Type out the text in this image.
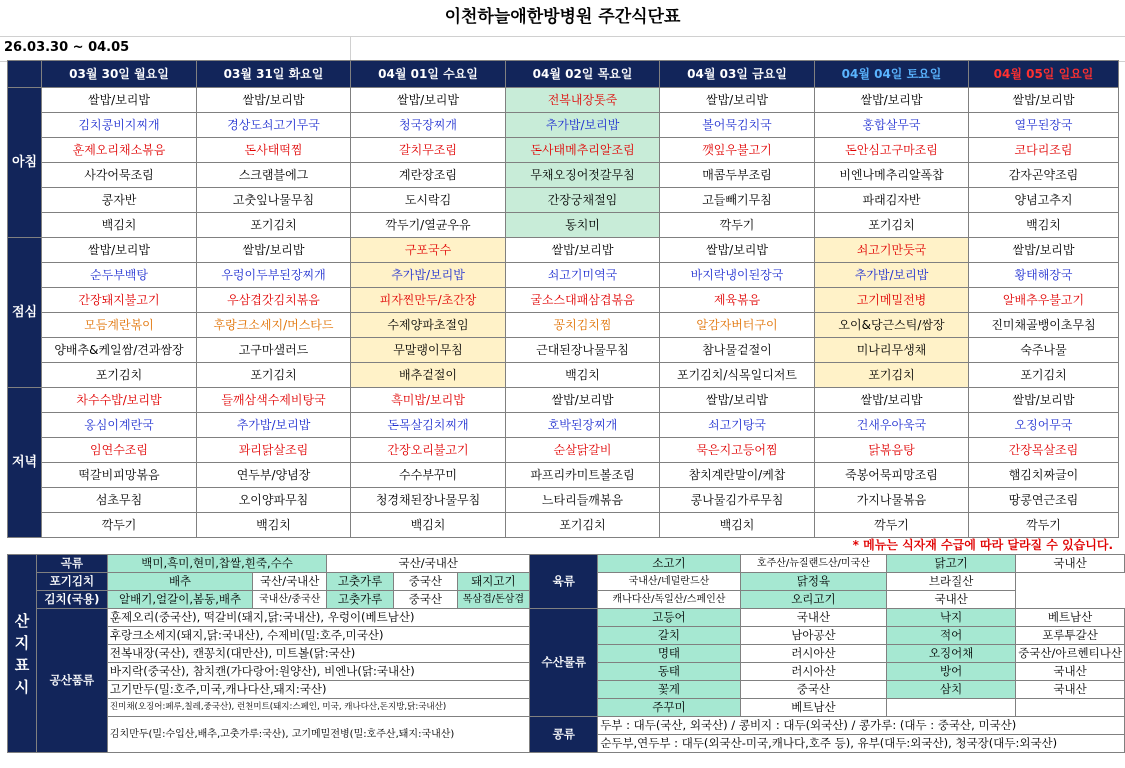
이천하늘애한방병원 주간식단표
26.03.30 ~ 04.05
	03월 30일 월요일	03월 31일 화요일	04월 01일 수요일	04월 02일 목요일	04월 03일 금요일	04월 04일 토요일	04월 05일 일요일
아침	쌀밥/보리밥	쌀밥/보리밥	쌀밥/보리밥	전복내장톳죽	쌀밥/보리밥	쌀밥/보리밥	쌀밥/보리밥
	김치콩비지찌개	경상도쇠고기무국	청국장찌개	추가밥/보리밥	볼어묵김치국	홍합살무국	열무된장국
	훈제오리채소볶음	돈사태떡찜	갈치무조림	돈사태메추리알조림	깻잎우불고기	돈안심고구마조림	코다리조림
	사각어묵조림	스크램블에그	계란장조림	무채오징어젓갈무침	매콤두부조림	비엔나메추리알폭찹	감자곤약조림
	콩자반	고춧잎나물무침	도시락김	간장궁채절임	고들빼기무침	파래김자반	양념고추지
	백김치	포기김치	깍두기/열균우유	동치미	깍두기	포기김치	백김치
점심	쌀밥/보리밥	쌀밥/보리밥	구포국수	쌀밥/보리밥	쌀밥/보리밥	쇠고기만둣국	쌀밥/보리밥
	순두부백탕	우렁이두부된장찌개	추가밥/보리밥	쇠고기미역국	바지락냉이된장국	추가밥/보리밥	황태해장국
	간장돼지불고기	우삼겹갓김치볶음	피자찐만두/초간장	굴소스대패삼겹볶음	제육볶음	고기메밀전병	알배추우불고기
	모듬계란볶이	후랑크소세지/머스타드	수제양파초절임	꽁치김치찜	알감자버터구이	오이&당근스틱/쌈장	진미채골뱅이초무침
	양배추&케일쌈/견과쌈장	고구마샐러드	무말랭이무침	근대된장나물무침	참나물겉절이	미나리무생채	숙주나물
	포기김치	포기김치	배추겉절이	백김치	포기김치/식목일디저트	포기김치	포기김치
저녁	차수수밥/보리밥	들깨삼색수제비탕국	흑미밥/보리밥	쌀밥/보리밥	쌀밥/보리밥	쌀밥/보리밥	쌀밥/보리밥
	옹심이계란국	추가밥/보리밥	돈목살김치찌개	호박된장찌개	쇠고기탕국	건새우아욱국	오징어무국
	임연수조림	꽈리닭살조림	간장오리불고기	순살닭갈비	묵은지고등어찜	닭볶음탕	간장목살조림
	떡갈비피망볶음	연두부/양념장	수수부꾸미	파프리카미트볼조림	참치계란말이/케찹	죽봉어묵피망조림	햄김치짜글이
	섬초무침	오이양파무침	청경채된장나물무침	느타리들깨볶음	콩나물김가루무침	가지나물볶음	땅콩연근조림
	깍두기	백김치	백김치	포기김치	백김치	깍두기	깍두기
* 메뉴는 식자재 수급에 따라 달라질 수 있습니다.
산지표시	곡류	백미,흑미,현미,찹쌀,흰죽,수수		국산/국내산			육류	소고기	호주산/뉴질랜드산/미국산	닭고기	국내산
	포기김치	배추	국산/국내산	고춧가루	중국산	돼지고기		국내산/네덜란드산	닭정육	브라질산	
	김치(국용)	알배기,얼갈이,봄동,배추	국내산/중국산	고춧가루	중국산	목삼겹/돈삼겹		캐나다산/독일산/스페인산	오리고기	국내산	
	공산품류	훈제오리(중국산), 떡갈비(돼지,닭:국내산), 우렁이(베트남산)					수산물류	고등어	국내산	낙지	베트남산
		후랑크소세지(돼지,닭:국내산), 수제비(밀:호주,미국산)						갈치	남아공산	적어	포루투갈산
		전복내장(국산), 캔꽁치(대만산), 미트볼(닭:국산)						명태	러시아산	오징어채	중국산/아르헨티나산
		바지락(중국산), 참치캔(가다랑어:원양산), 비엔나(닭:국내산)						동태	러시아산	방어	국내산
		고기만두(밀:호주,미국,캐나다산,돼지:국산)						꽃게	중국산	삼치	국내산
		진미채(오징어:페루,칠레,중국산), 런천미트(돼지:스페인, 미국, 캐나다산,돈지방,닭:국내산)						주꾸미	베트남산		
		김치만두(밀:수입산,배추,고춧가루:국산), 고기메밀전병(밀:호주산,돼지:국내산)					콩류	두부 : 대두(국산, 외국산) / 콩비지 : 대두(외국산) / 콩가루: (대두 : 중국산, 미국산)			
								순두부,연두부 : 대두(외국산-미국,캐나다,호주 등), 유부(대두:외국산), 청국장(대두:외국산)			
